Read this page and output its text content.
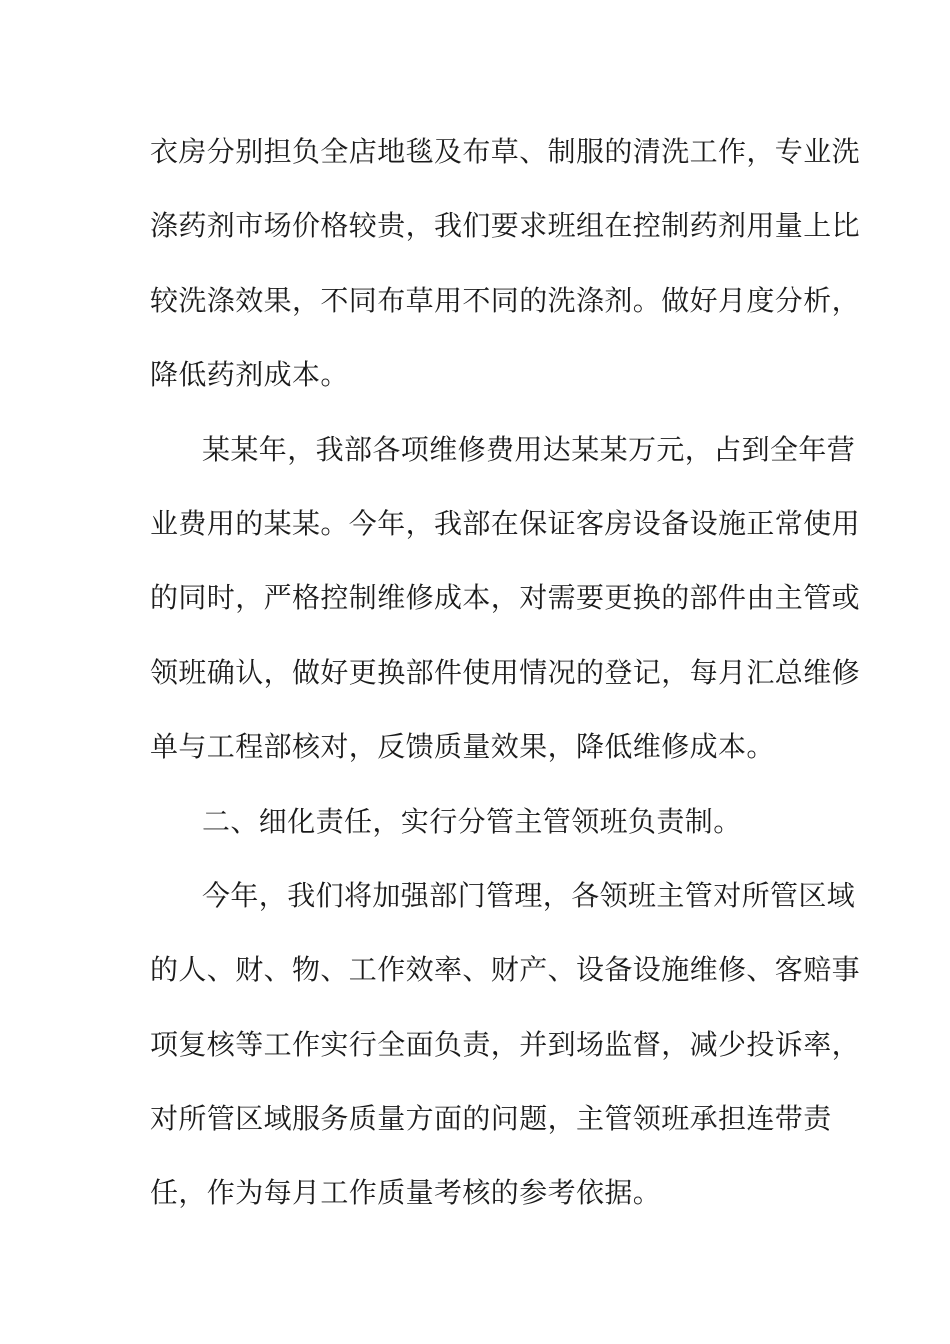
衣房分别担负全店地毯及布草、制服的清洗工作，专业洗
涤药剂市场价格较贵，我们要求班组在控制药剂用量上比
较洗涤效果，不同布草用不同的洗涤剂。做好月度分析，
降低药剂成本。
某某年，我部各项维修费用达某某万元，占到全年营
业费用的某某。今年，我部在保证客房设备设施正常使用
的同时，严格控制维修成本，对需要更换的部件由主管或
领班确认，做好更换部件使用情况的登记，每月汇总维修
单与工程部核对，反馈质量效果，降低维修成本。
二、细化责任，实行分管主管领班负责制。
今年，我们将加强部门管理，各领班主管对所管区域
的人、财、物、工作效率、财产、设备设施维修、客赔事
项复核等工作实行全面负责，并到场监督，减少投诉率，
对所管区域服务质量方面的问题，主管领班承担连带责
任，作为每月工作质量考核的参考依据。
